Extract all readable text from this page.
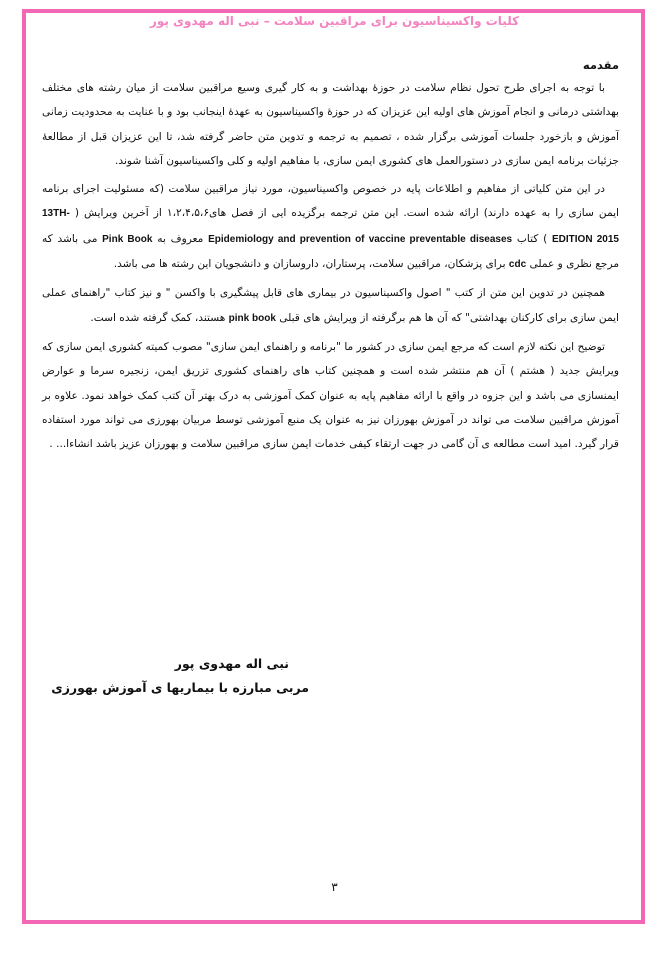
کلیات واکسیناسیون برای مراقبین سلامت – نبی اله مهدوی پور
مقدمه

با توجه به اجرای طرح تحول نظام سلامت در حوزهٔ بهداشت و به کار گیری وسیع مراقبین سلامت از میان رشته های مختلف بهداشتی درمانی و انجام آموزش های اولیه این عزیزان که در حوزهٔ واکسیناسیون به عهدهٔ اینجانب بود و با عنایت به محدودیت زمانی آموزش و بازخورد جلسات آموزشی برگزار شده ، تصمیم به ترجمه و تدوین متن حاضر گرفته شد، تا این عزیزان قبل از مطالعهٔ جزئیات برنامه ایمن سازی در دستورالعمل های کشوری ایمن سازی، با مفاهیم اولیه و کلی واکسیناسیون آشنا شوند.

در این متن کلیاتی از مفاهیم و اطلاعات پایه در خصوص واکسیناسیون، مورد نیاز مراقبین سلامت (که مسئولیت اجرای برنامه ایمن سازی را به عهده دارند) ارائه شده است. این متن ترجمه برگزیده ایی از فصل های۱،۲،۴،۵،۶ از آخرین ویرایش ( 13TH-EDITION 2015 ) کتاب Epidemiology and prevention of vaccine preventable diseases معروف به Pink Book می باشد که مرجع نظری و عملی cdc برای پزشکان، مراقبین سلامت، پرستاران، داروسازان و دانشجویان این رشته ها می باشد.

همچنین در تدوین این متن از کتب " اصول واکسیناسیون در بیماری های قابل پیشگیری با واکسن " و نیز کتاب "راهنمای عملی ایمن سازی برای کارکنان بهداشتی" که آن ها هم برگرفته از ویرایش های قبلی pink book هستند، کمک گرفته شده است.

توضیح این نکته لازم است که مرجع ایمن سازی در کشور ما "برنامه و راهنمای ایمن سازی" مصوب کمیته کشوری ایمن سازی که ویرایش جدید ( هشتم ) آن هم منتشر شده است و همچنین کتاب های راهنمای کشوری تزریق ایمن، زنجیره سرما و عوارض ایمنسازی می باشد و این جزوه در واقع با ارائه مفاهیم پایه به عنوان کمک آموزشی به درک بهتر آن کتب کمک خواهد نمود. علاوه بر آموزش مراقبین سلامت می تواند در آموزش بهورزان نیز به عنوان یک منبع آموزشی توسط مربیان بهورزی می تواند مورد استفاده قرار گیرد. امید است مطالعه ی آن گامی در جهت ارتقاء کیفی خدمات ایمن سازی مراقبین سلامت و بهورزان عزیز باشد انشاءا... .

نبی اله مهدوی پور
مربی مبارزه با بیماریها ی آموزش بهورزی
۳
